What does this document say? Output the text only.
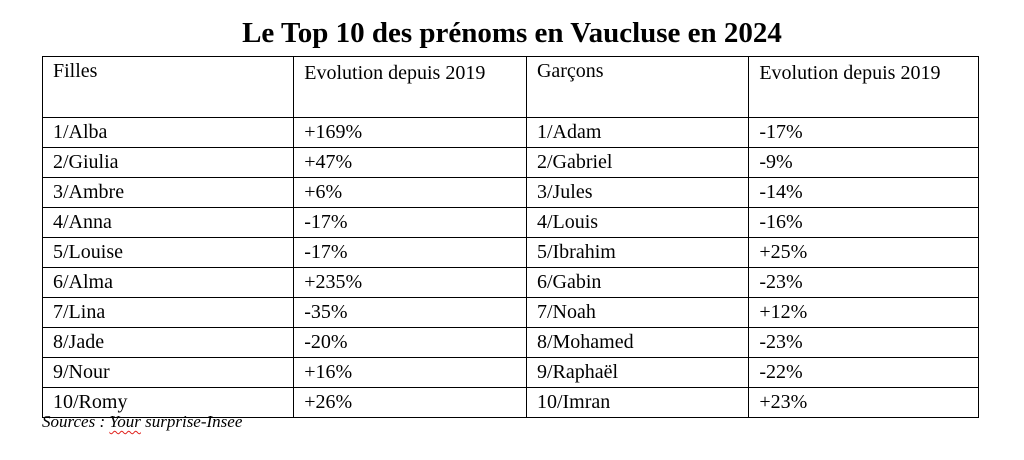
Le Top 10 des prénoms en Vaucluse en 2024
Filles	Evolution depuis 2019	Garçons	Evolution depuis 2019
1/Alba	+169%	1/Adam	-17%
2/Giulia	+47%	2/Gabriel	-9%
3/Ambre	+6%	3/Jules	-14%
4/Anna	-17%	4/Louis	-16%
5/Louise	-17%	5/Ibrahim	+25%
6/Alma	+235%	6/Gabin	-23%
7/Lina	-35%	7/Noah	+12%
8/Jade	-20%	8/Mohamed	-23%
9/Nour	+16%	9/Raphaël	-22%
10/Romy	+26%	10/Imran	+23%
Sources : Your surprise-Insee
